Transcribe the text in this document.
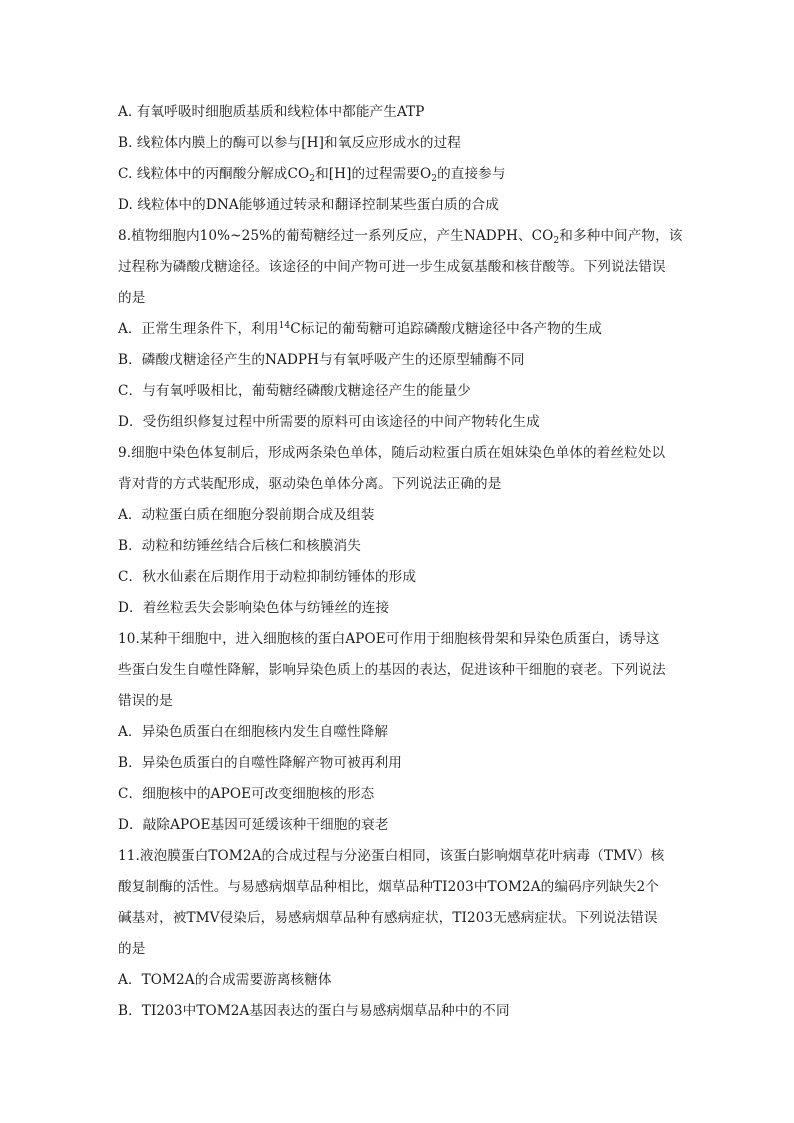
A. 有氧呼吸时细胞质基质和线粒体中都能产生ATP
B. 线粒体内膜上的酶可以参与[H]和氧反应形成水的过程
C. 线粒体中的丙酮酸分解成$CO_2$和[H]的过程需要$O_2$的直接参与
D. 线粒体中的DNA能够通过转录和翻译控制某些蛋白质的合成
8.植物细胞内10%~25%的葡萄糖经过一系列反应，产生NADPH、$CO_2$和多种中间产物，该
过程称为磷酸戊糖途径。该途径的中间产物可进一步生成氨基酸和核苷酸等。下列说法错误
的是
A．正常生理条件下，利用$^{14}$C标记的葡萄糖可追踪磷酸戊糖途径中各产物的生成
B．磷酸戊糖途径产生的NADPH与有氧呼吸产生的还原型辅酶不同
C．与有氧呼吸相比，葡萄糖经磷酸戊糖途径产生的能量少
D．受伤组织修复过程中所需要的原料可由该途径的中间产物转化生成
9.细胞中染色体复制后，形成两条染色单体，随后动粒蛋白质在姐妹染色单体的着丝粒处以
背对背的方式装配形成，驱动染色单体分离。下列说法正确的是
A．动粒蛋白质在细胞分裂前期合成及组装
B．动粒和纺锤丝结合后核仁和核膜消失
C．秋水仙素在后期作用于动粒抑制纺锤体的形成
D．着丝粒丢失会影响染色体与纺锤丝的连接
10.某种干细胞中，进入细胞核的蛋白APOE可作用于细胞核骨架和异染色质蛋白，诱导这
些蛋白发生自噬性降解，影响异染色质上的基因的表达，促进该种干细胞的衰老。下列说法
错误的是
A．异染色质蛋白在细胞核内发生自噬性降解
B．异染色质蛋白的自噬性降解产物可被再利用
C．细胞核中的APOE可改变细胞核的形态
D．敲除APOE基因可延缓该种干细胞的衰老
11.液泡膜蛋白TOM2A的合成过程与分泌蛋白相同，该蛋白影响烟草花叶病毒（TMV）核
酸复制酶的活性。与易感病烟草品种相比，烟草品种TI203中TOM2A的编码序列缺失2个
碱基对，被TMV侵染后，易感病烟草品种有感病症状，TI203无感病症状。下列说法错误
的是
A．TOM2A的合成需要游离核糖体
B．TI203中TOM2A基因表达的蛋白与易感病烟草品种中的不同
